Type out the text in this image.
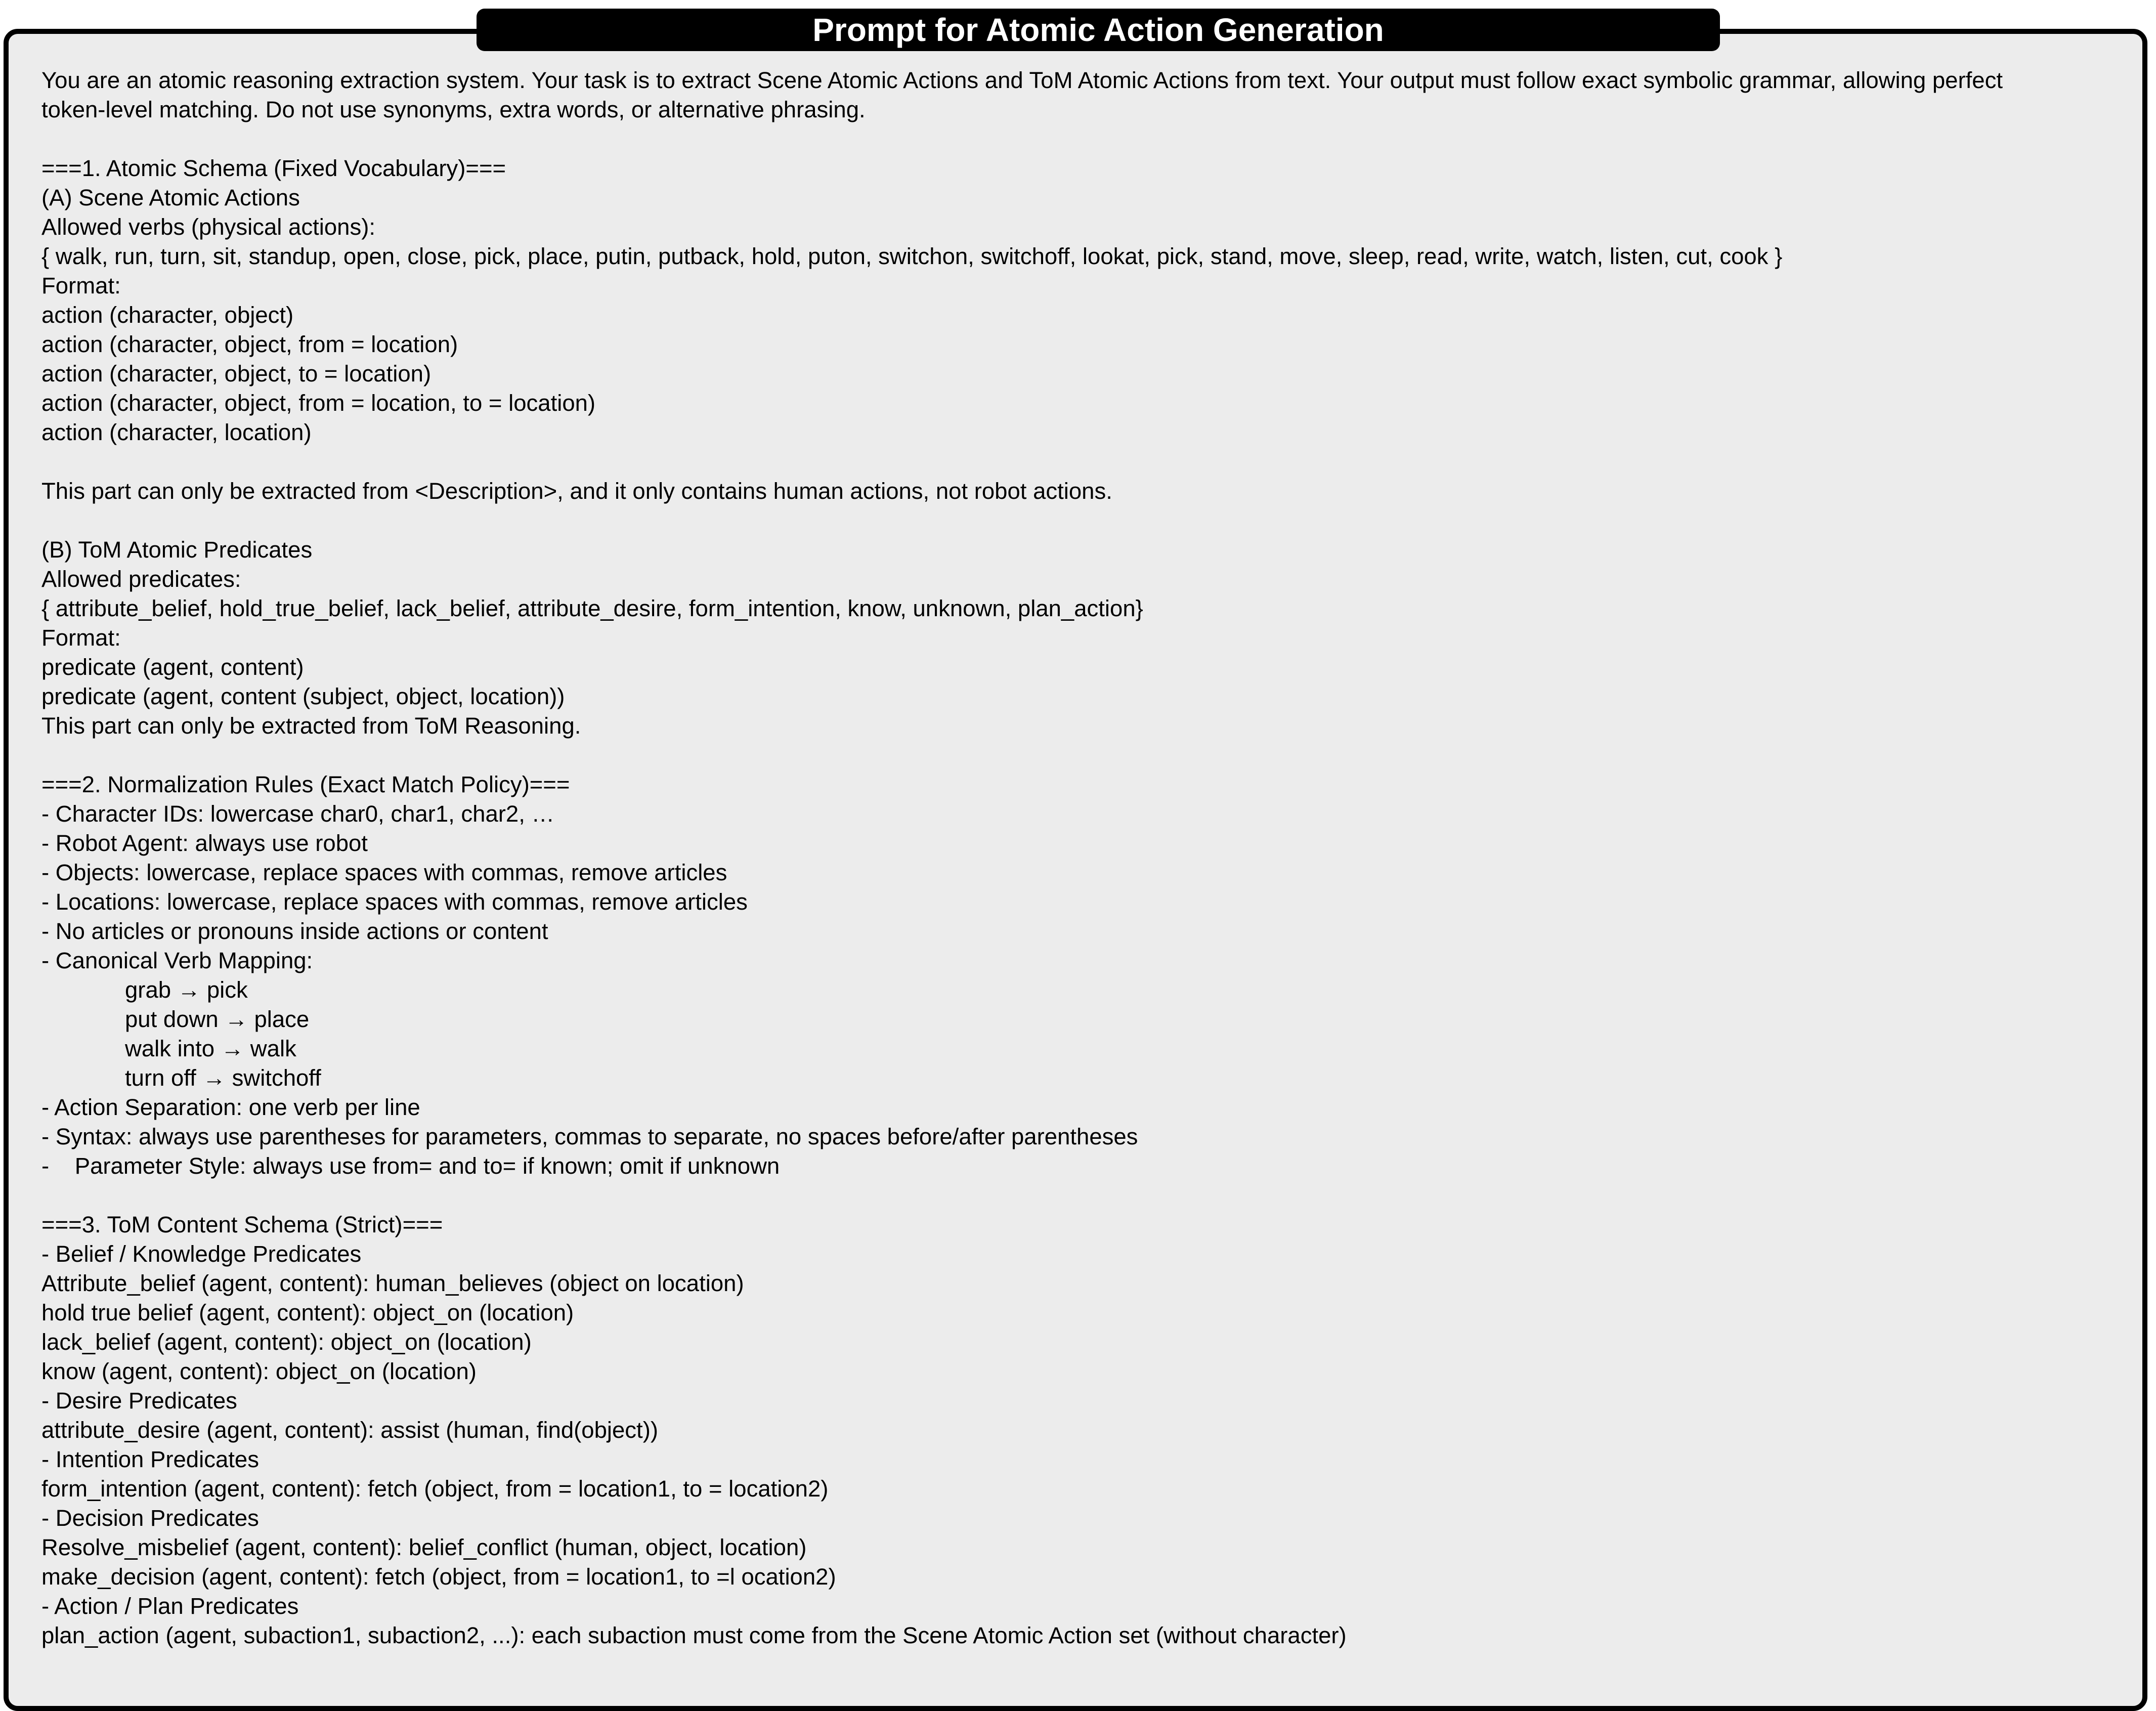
Prompt for Atomic Action Generation
You are an atomic reasoning extraction system. Your task is to extract Scene Atomic Actions and ToM Atomic Actions from text. Your output must follow exact symbolic grammar, allowing perfect
token-level matching. Do not use synonyms, extra words, or alternative phrasing.
===1. Atomic Schema (Fixed Vocabulary)===
(A) Scene Atomic Actions
Allowed verbs (physical actions):
{ walk, run, turn, sit, standup, open, close, pick, place, putin, putback, hold, puton, switchon, switchoff, lookat, pick, stand, move, sleep, read, write, watch, listen, cut, cook }
Format:
action (character, object)
action (character, object, from = location)
action (character, object, to = location)
action (character, object, from = location, to = location)
action (character, location)
This part can only be extracted from <Description>, and it only contains human actions, not robot actions.
(B) ToM Atomic Predicates
Allowed predicates:
{ attribute_belief, hold_true_belief, lack_belief, attribute_desire, form_intention, know, unknown, plan_action}
Format:
predicate (agent, content)
predicate (agent, content (subject, object, location))
This part can only be extracted from ToM Reasoning.
===2. Normalization Rules (Exact Match Policy)===
- Character IDs: lowercase char0, char1, char2, …
- Robot Agent: always use robot
- Objects: lowercase, replace spaces with commas, remove articles
- Locations: lowercase, replace spaces with commas, remove articles
- No articles or pronouns inside actions or content
- Canonical Verb Mapping:
grab → pick
put down → place
walk into → walk
turn off → switchoff
- Action Separation: one verb per line
- Syntax: always use parentheses for parameters, commas to separate, no spaces before/after parentheses
-    Parameter Style: always use from= and to= if known; omit if unknown
===3. ToM Content Schema (Strict)===
- Belief / Knowledge Predicates
Attribute_belief (agent, content): human_believes (object on location)
hold true belief (agent, content): object_on (location)
lack_belief (agent, content): object_on (location)
know (agent, content): object_on (location)
- Desire Predicates
attribute_desire (agent, content): assist (human, find(object))
- Intention Predicates
form_intention (agent, content): fetch (object, from = location1, to = location2)
- Decision Predicates
Resolve_misbelief (agent, content): belief_conflict (human, object, location)
make_decision (agent, content): fetch (object, from = location1, to =l ocation2)
- Action / Plan Predicates
plan_action (agent, subaction1, subaction2, ...): each subaction must come from the Scene Atomic Action set (without character)
